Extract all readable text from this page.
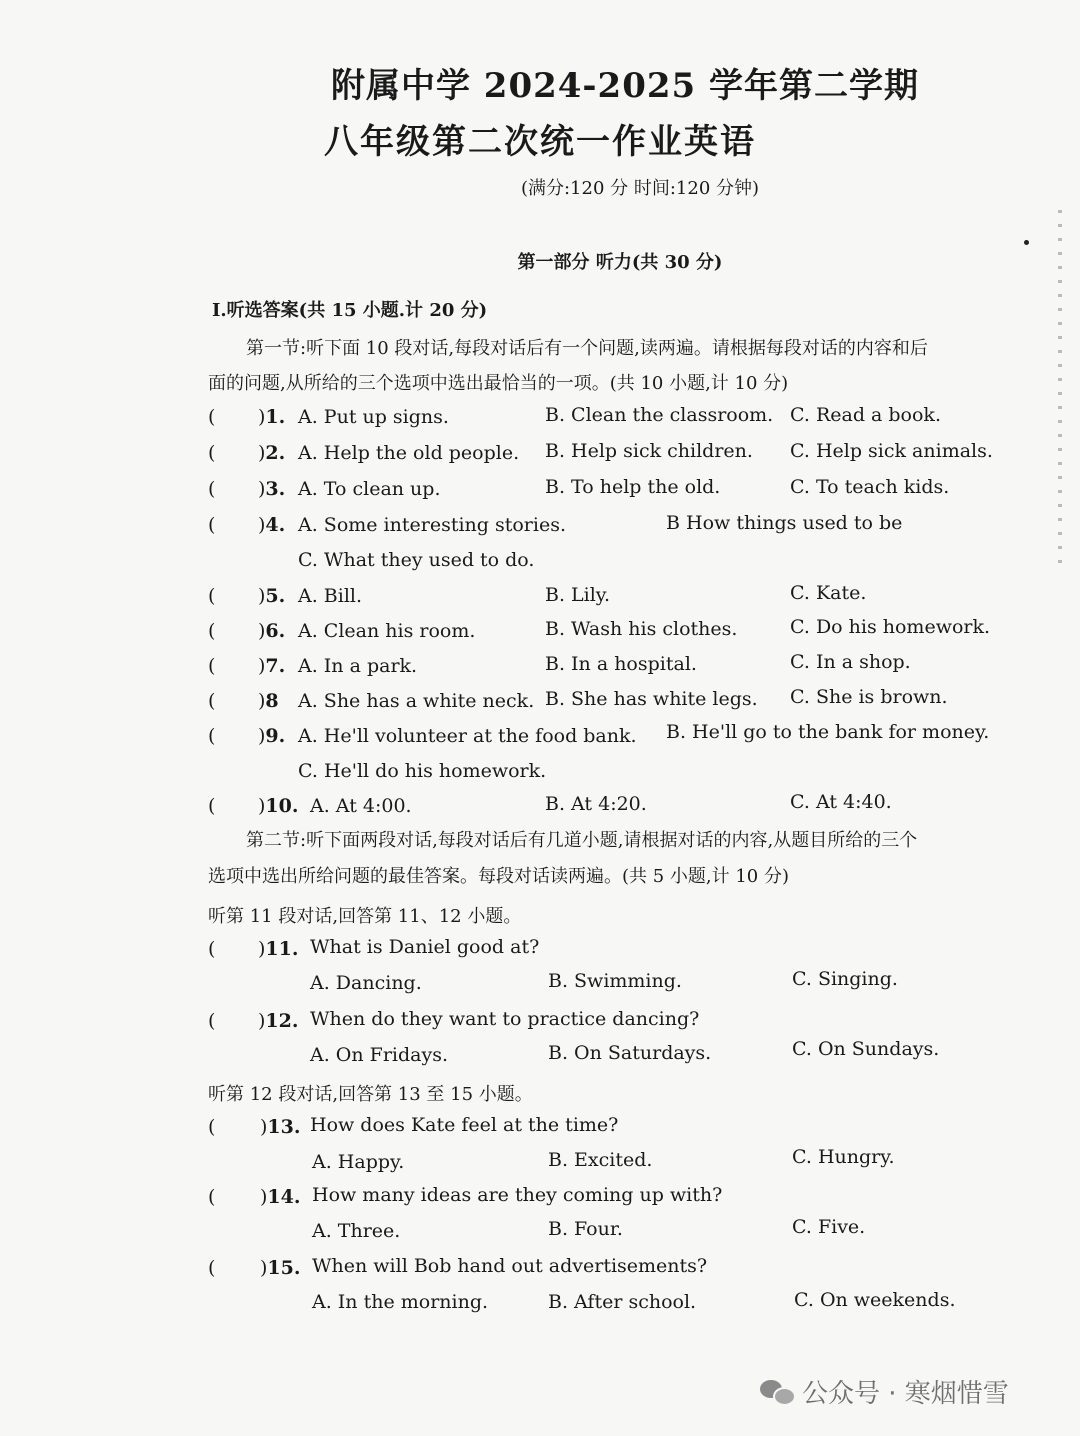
附属中学 2024-2025 学年第二学期
八年级第二次统一作业英语
(满分:120 分 时间:120 分钟)
第一部分 听力(共 30 分)
I.听选答案(共 15 小题.计 20 分)
第一节:听下面 10 段对话,每段对话后有一个问题,读两遍。请根据每段对话的内容和后
面的问题,从所给的三个选项中选出最恰当的一项。(共 10 小题,计 10 分)
( )1. A. Put up signs.	B. Clean the classroom. C. Read a book.
( )2. A. Help the old people. B. Help sick children. C. Help sick animals.
( )3. A. To clean up.	B. To help the old.	C. To teach kids.
( )4. A. Some interesting stories.	B How things used to be
C. What they used to do.
( )5. A. Bill.	B. Lily.	C. Kate.
( )6. A. Clean his room.	B. Wash his clothes.	C. Do his homework.
( )7. A. In a park.	B. In a hospital.	C. In a shop.
( )8 A. She has a white neck. B. She has white legs. C. She is brown.
( )9. A. He'll volunteer at the food bank. B. He'll go to the bank for money.
C. He'll do his homework.
( )10. A. At 4:00.	B. At 4:20.	C. At 4:40.
第二节:听下面两段对话,每段对话后有几道小题,请根据对话的内容,从题目所给的三个
选项中选出所给问题的最佳答案。每段对话读两遍。(共 5 小题,计 10 分)
听第 11 段对话,回答第 11、12 小题。
( )11. What is Daniel good at?
A. Dancing.	B. Swimming.	C. Singing.
( )12. When do they want to practice dancing?
A. On Fridays.	B. On Saturdays.	C. On Sundays.
听第 12 段对话,回答第 13 至 15 小题。
( )13. How does Kate feel at the time?
A. Happy.	B. Excited.	C. Hungry.
( )14. How many ideas are they coming up with?
A. Three.	B. Four.	C. Five.
( )15. When will Bob hand out advertisements?
A. In the morning.	B. After school.	C. On weekends.
公众号 · 寒烟惜雪
